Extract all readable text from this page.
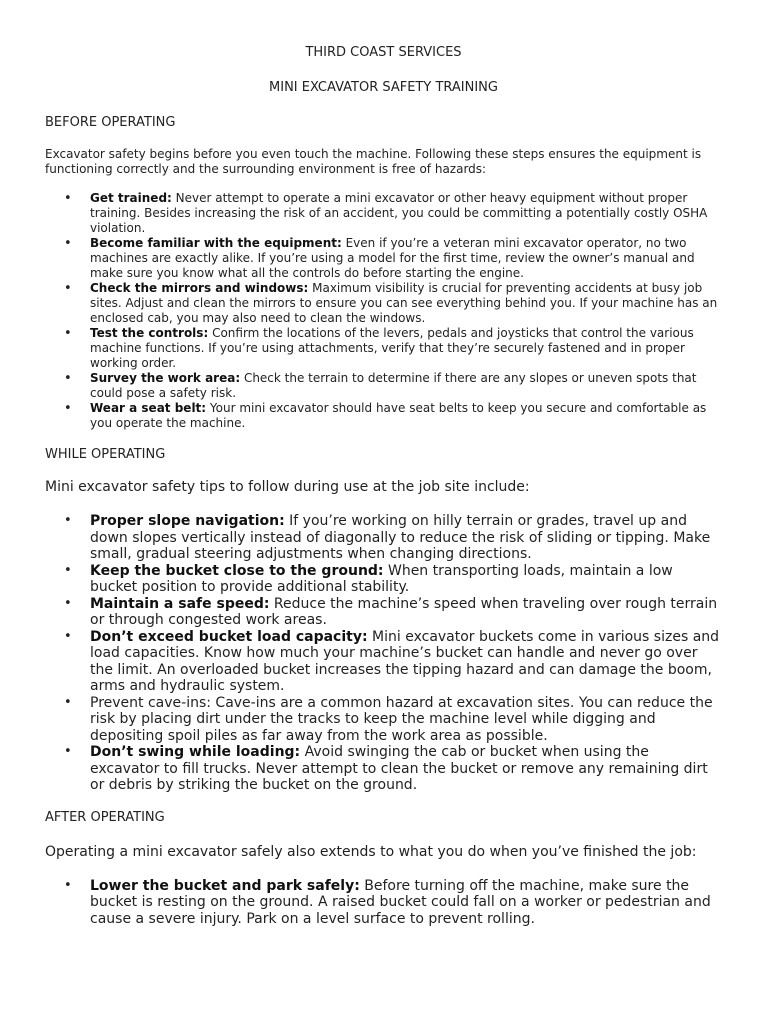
THIRD COAST SERVICES

MINI EXCAVATOR SAFETY TRAINING

BEFORE OPERATING

Excavator safety begins before you even touch the machine. Following these steps ensures the equipment is functioning correctly and the surrounding environment is free of hazards:

• Get trained: Never attempt to operate a mini excavator or other heavy equipment without proper training. Besides increasing the risk of an accident, you could be committing a potentially costly OSHA violation.
• Become familiar with the equipment: Even if you’re a veteran mini excavator operator, no two machines are exactly alike. If you’re using a model for the first time, review the owner’s manual and make sure you know what all the controls do before starting the engine.
• Check the mirrors and windows: Maximum visibility is crucial for preventing accidents at busy job sites. Adjust and clean the mirrors to ensure you can see everything behind you. If your machine has an enclosed cab, you may also need to clean the windows.
• Test the controls: Confirm the locations of the levers, pedals and joysticks that control the various machine functions. If you’re using attachments, verify that they’re securely fastened and in proper working order.
• Survey the work area: Check the terrain to determine if there are any slopes or uneven spots that could pose a safety risk.
• Wear a seat belt: Your mini excavator should have seat belts to keep you secure and comfortable as you operate the machine.

WHILE OPERATING

Mini excavator safety tips to follow during use at the job site include:

• Proper slope navigation: If you’re working on hilly terrain or grades, travel up and down slopes vertically instead of diagonally to reduce the risk of sliding or tipping. Make small, gradual steering adjustments when changing directions.
• Keep the bucket close to the ground: When transporting loads, maintain a low bucket position to provide additional stability.
• Maintain a safe speed: Reduce the machine’s speed when traveling over rough terrain or through congested work areas.
• Don’t exceed bucket load capacity: Mini excavator buckets come in various sizes and load capacities. Know how much your machine’s bucket can handle and never go over the limit. An overloaded bucket increases the tipping hazard and can damage the boom, arms and hydraulic system.
• Prevent cave-ins: Cave-ins are a common hazard at excavation sites. You can reduce the risk by placing dirt under the tracks to keep the machine level while digging and depositing spoil piles as far away from the work area as possible.
• Don’t swing while loading: Avoid swinging the cab or bucket when using the excavator to fill trucks. Never attempt to clean the bucket or remove any remaining dirt or debris by striking the bucket on the ground.

AFTER OPERATING

Operating a mini excavator safely also extends to what you do when you’ve finished the job:

• Lower the bucket and park safely: Before turning off the machine, make sure the bucket is resting on the ground. A raised bucket could fall on a worker or pedestrian and cause a severe injury. Park on a level surface to prevent rolling.
